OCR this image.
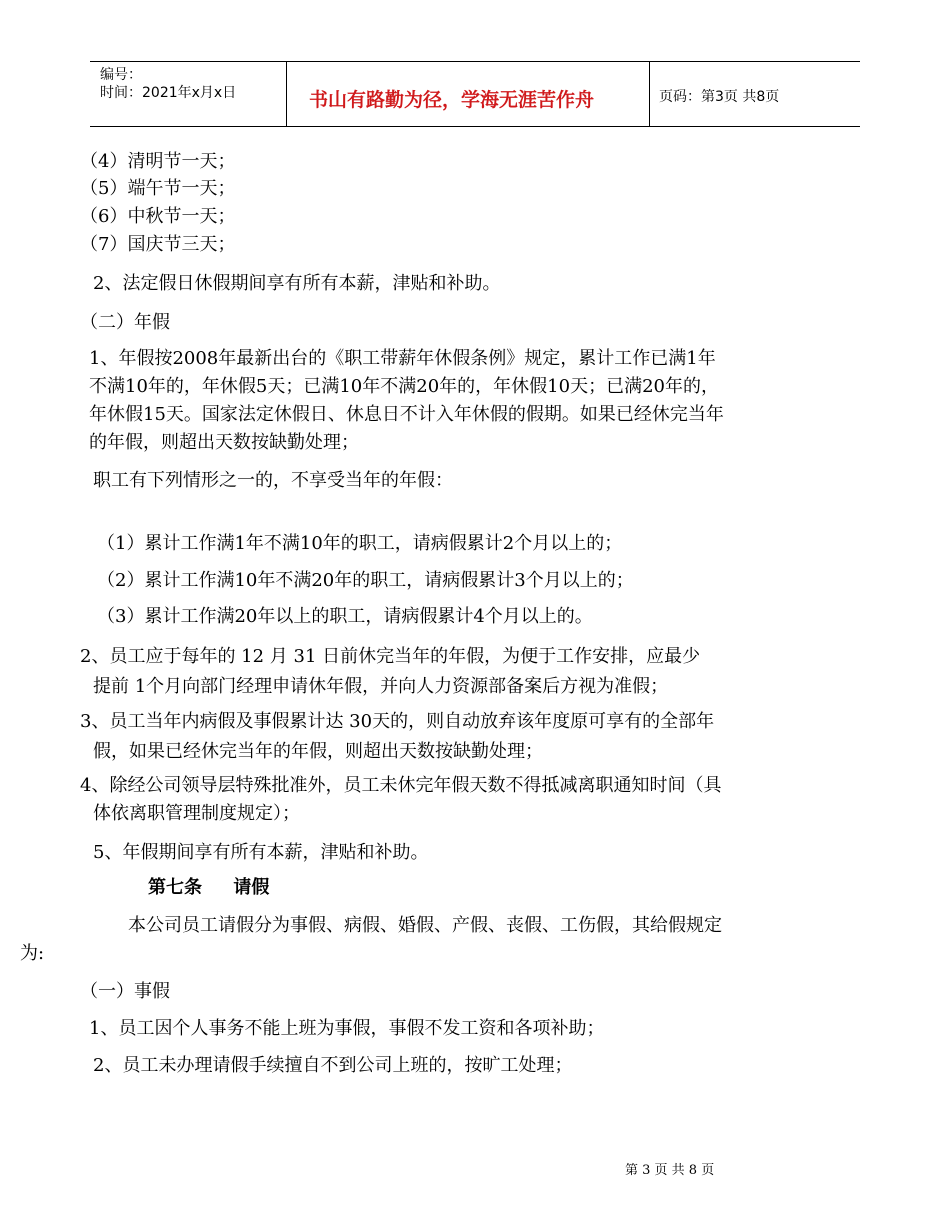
编号：
时间：2021年x月x日	书山有路勤为径，学海无涯苦作舟	页码：第3页 共8页
（4）清明节一天；
（5）端午节一天；
（6）中秋节一天；
（7）国庆节三天；
2、法定假日休假期间享有所有本薪，津贴和补助。
（二）年假
1、年假按2008年最新出台的《职工带薪年休假条例》规定，累计工作已满1年
不满10年的，年休假5天；已满10年不满20年的，年休假10天；已满20年的，
年休假15天。国家法定休假日、休息日不计入年休假的假期。如果已经休完当年
的年假，则超出天数按缺勤处理；
职工有下列情形之一的，不享受当年的年假：
（1）累计工作满1年不满10年的职工，请病假累计2个月以上的；
（2）累计工作满10年不满20年的职工，请病假累计3个月以上的；
（3）累计工作满20年以上的职工，请病假累计4个月以上的。
2、员工应于每年的 12 月 31 日前休完当年的年假，为便于工作安排，应最少
提前 1个月向部门经理申请休年假，并向人力资源部备案后方视为准假；
3、员工当年内病假及事假累计达 30天的，则自动放弃该年度原可享有的全部年
假，如果已经休完当年的年假，则超出天数按缺勤处理；
4、除经公司领导层特殊批准外，员工未休完年假天数不得抵减离职通知时间（具
体依离职管理制度规定）；
5、年假期间享有所有本薪，津贴和补助。
第七条     请假
本公司员工请假分为事假、病假、婚假、产假、丧假、工伤假，其给假规定
为:
（一）事假
1、员工因个人事务不能上班为事假，事假不发工资和各项补助；
2、员工未办理请假手续擅自不到公司上班的，按旷工处理；
第 3 页 共 8 页
